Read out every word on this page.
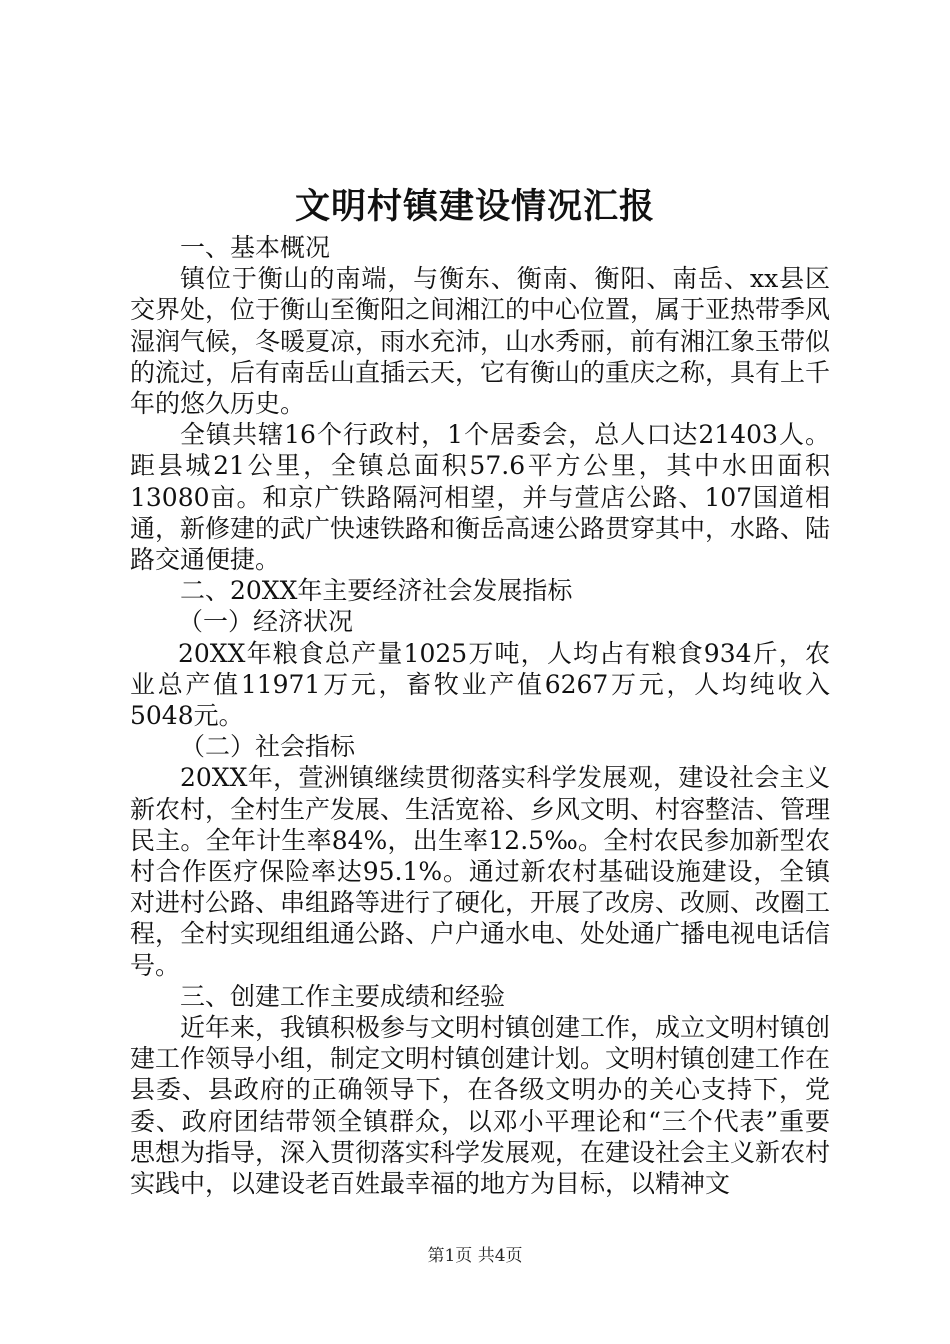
文明村镇建设情况汇报

一、基本概况

镇位于衡山的南端，与衡东、衡南、衡阳、南岳、xx县区交界处，位于衡山至衡阳之间湘江的中心位置，属于亚热带季风湿润气候，冬暖夏凉，雨水充沛，山水秀丽，前有湘江象玉带似的流过，后有南岳山直插云天，它有衡山的重庆之称，具有上千年的悠久历史。

全镇共辖16个行政村，1个居委会，总人口达21403人。距县城21公里，全镇总面积57.6平方公里，其中水田面积13080亩。和京广铁路隔河相望，并与萱店公路、107国道相通，新修建的武广快速铁路和衡岳高速公路贯穿其中，水路、陆路交通便捷。

二、20XX年主要经济社会发展指标

（一）经济状况

20XX年粮食总产量1025万吨，人均占有粮食934斤，农业总产值11971万元，畜牧业产值6267万元，人均纯收入5048元。

（二）社会指标

20XX年，萱洲镇继续贯彻落实科学发展观，建设社会主义新农村，全村生产发展、生活宽裕、乡风文明、村容整洁、管理民主。全年计生率84%，出生率12.5‰。全村农民参加新型农村合作医疗保险率达95.1%。通过新农村基础设施建设，全镇对进村公路、串组路等进行了硬化，开展了改房、改厕、改圈工程，全村实现组组通公路、户户通水电、处处通广播电视电话信号。

三、创建工作主要成绩和经验

近年来，我镇积极参与文明村镇创建工作，成立文明村镇创建工作领导小组，制定文明村镇创建计划。文明村镇创建工作在县委、县政府的正确领导下，在各级文明办的关心支持下，党委、政府团结带领全镇群众，以邓小平理论和“三个代表”重要思想为指导，深入贯彻落实科学发展观，在建设社会主义新农村实践中，以建设老百姓最幸福的地方为目标，以精神文

第1页 共4页
